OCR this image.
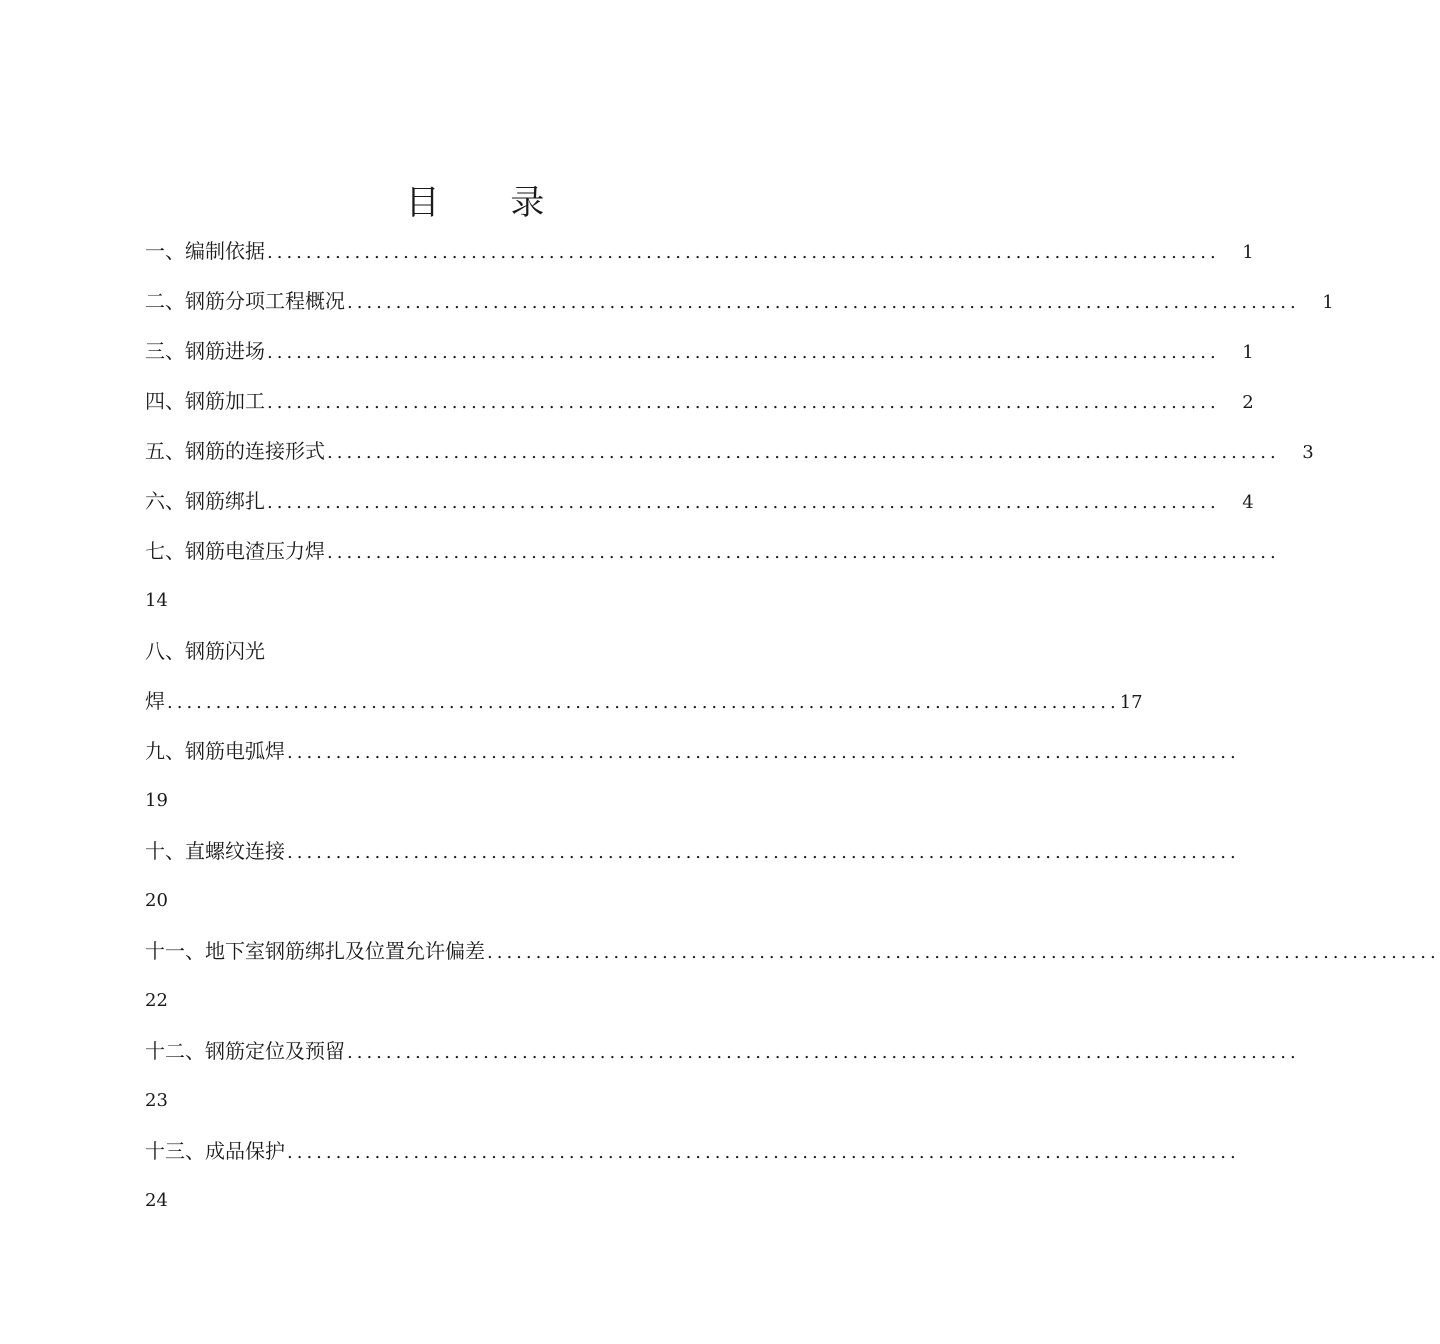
目 录
一、编制依据 ..................................................................................................	1
二、钢筋分项工程概况 ..................................................................................................	1
三、钢筋进场 ..................................................................................................	1
四、钢筋加工 ..................................................................................................	2
五、钢筋的连接形式 ..................................................................................................	3
六、钢筋绑扎 ..................................................................................................	4
七、钢筋电渣压力焊 ..................................................................................................
14
八、钢筋闪光
焊 .................................................................................................. 17
九、钢筋电弧焊 ..................................................................................................
19
十、直螺纹连接 ..................................................................................................
20
十一、地下室钢筋绑扎及位置允许偏差 ..................................................................................................
22
十二、钢筋定位及预留 ..................................................................................................
23
十三、成品保护 ..................................................................................................
24
